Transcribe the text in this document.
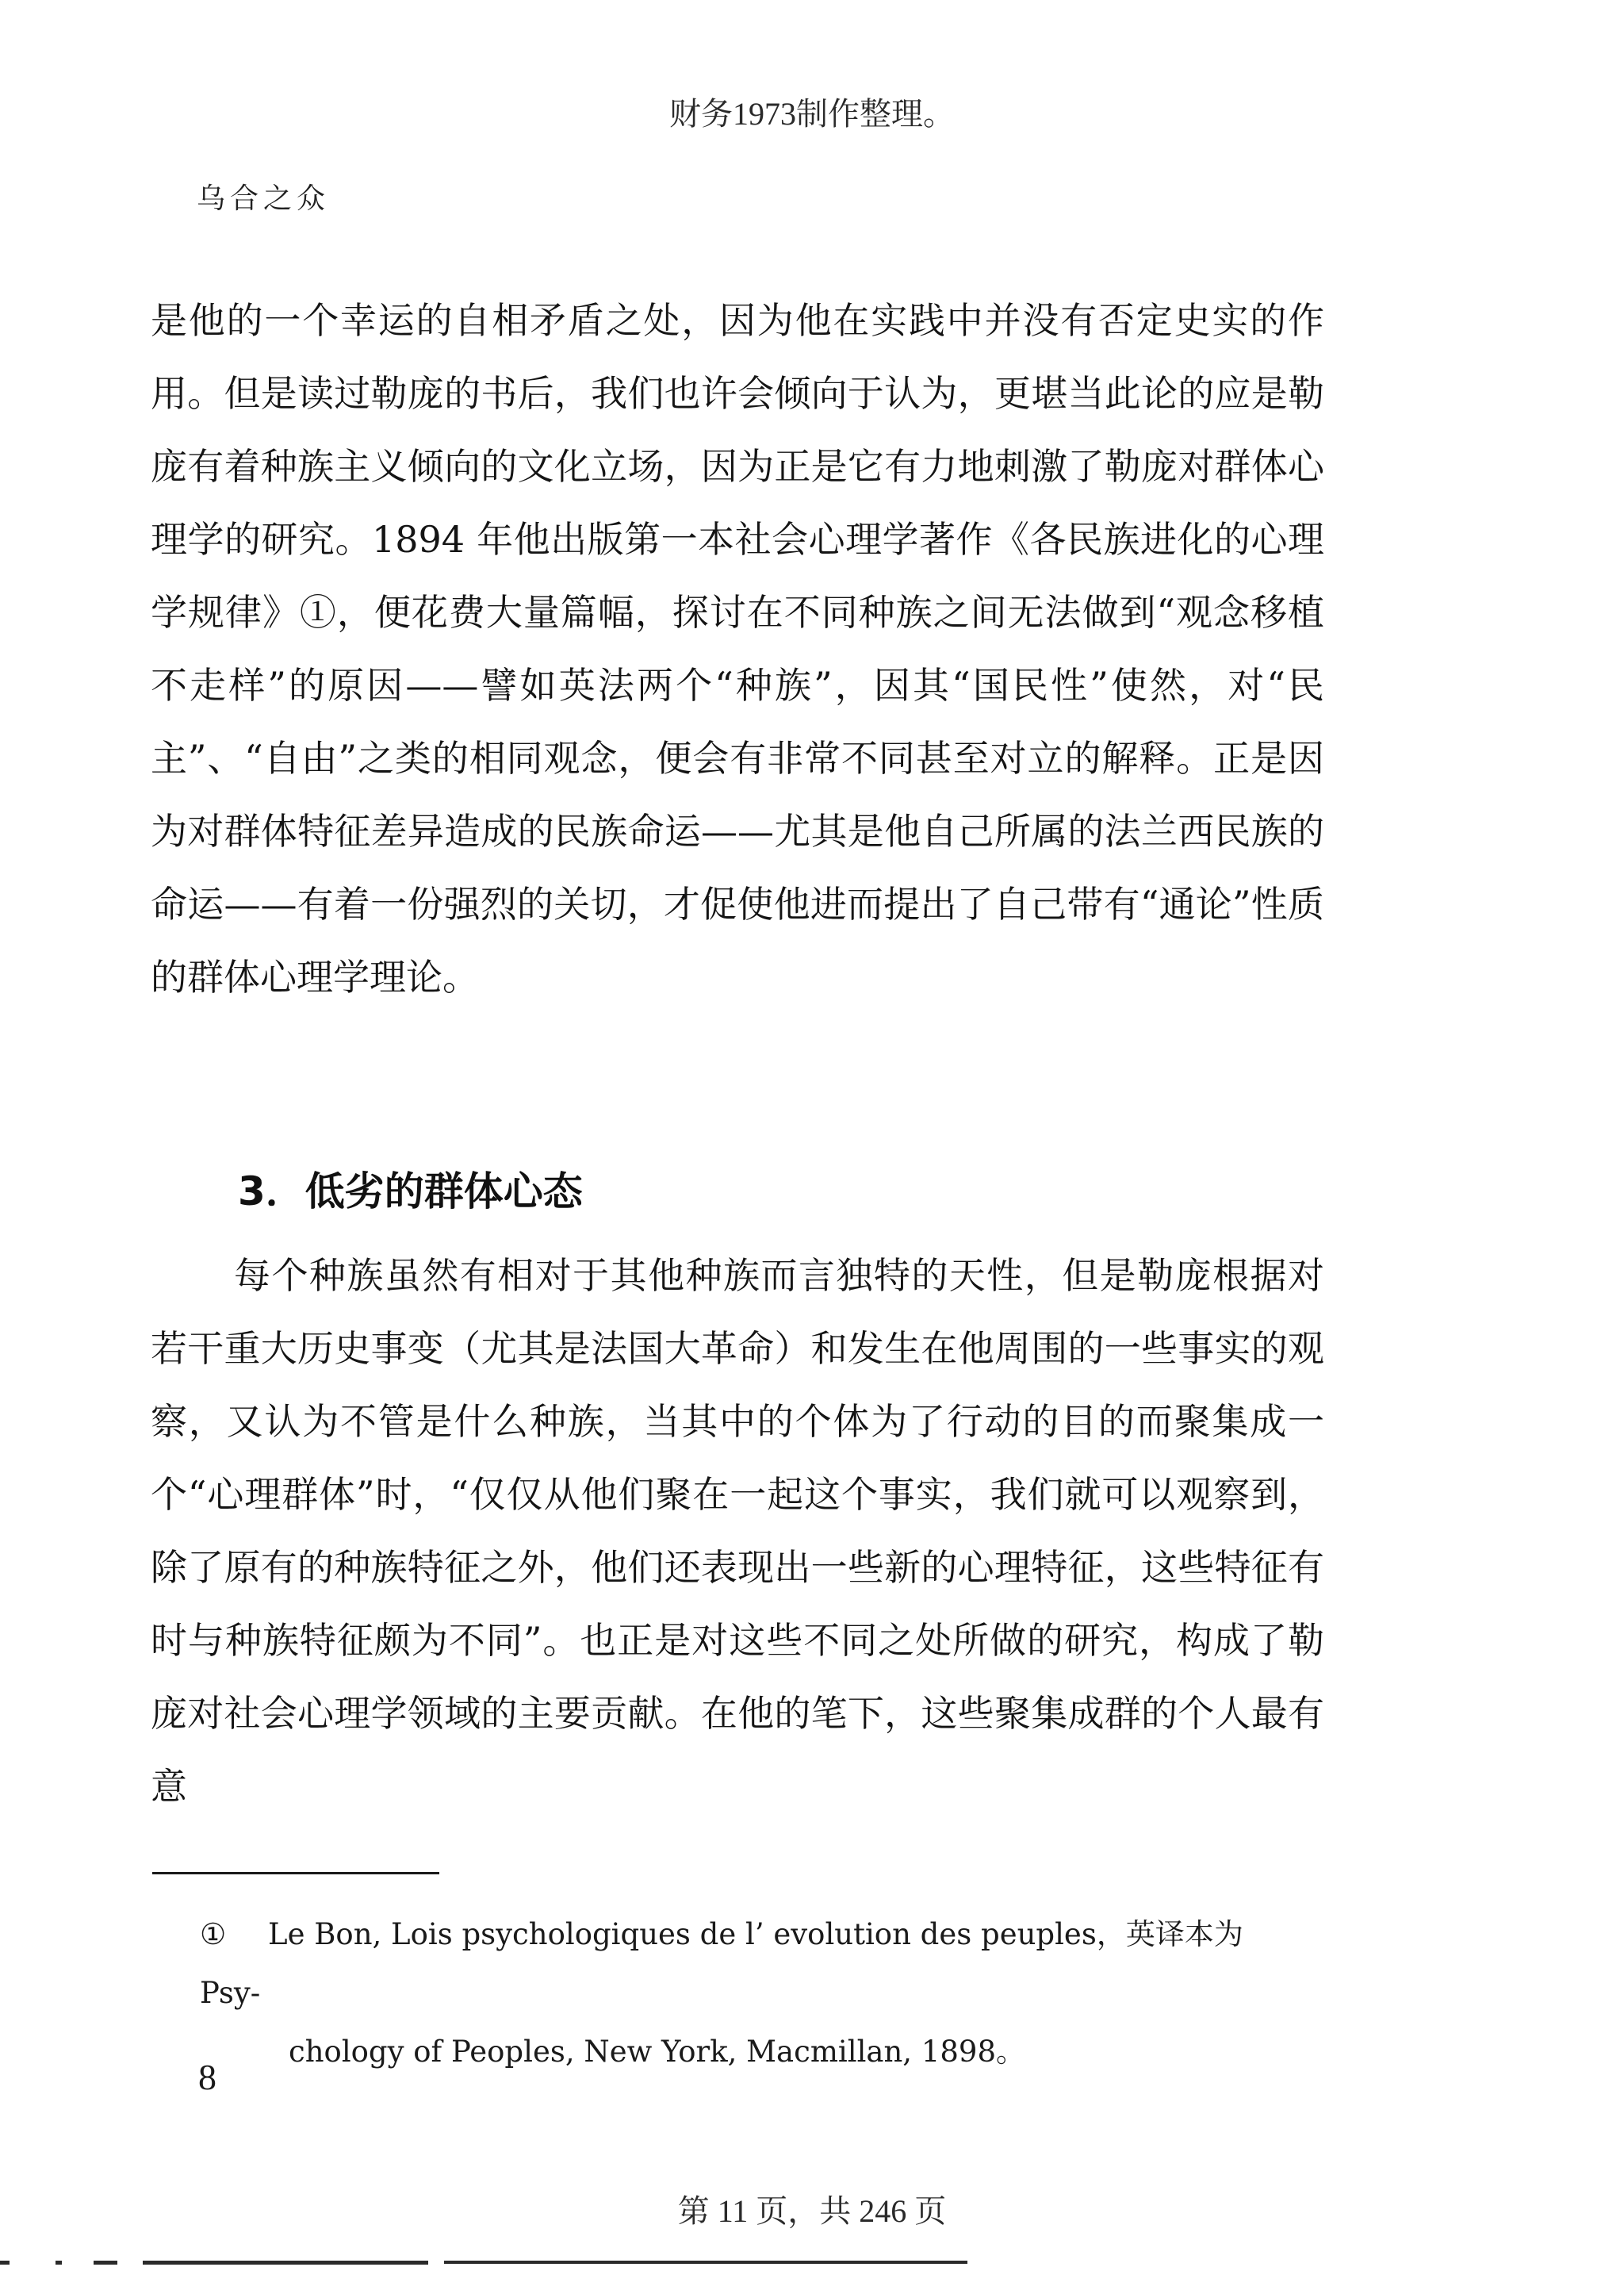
财务1973制作整理。
乌合之众

是他的一个幸运的自相矛盾之处，因为他在实践中并没有否定史实的作用。但是读过勒庞的书后，我们也许会倾向于认为，更堪当此论的应是勒庞有着种族主义倾向的文化立场，因为正是它有力地刺激了勒庞对群体心理学的研究。1894 年他出版第一本社会心理学著作《各民族进化的心理学规律》①，便花费大量篇幅，探讨在不同种族之间无法做到“观念移植不走样”的原因——譬如英法两个“种族”，因其“国民性”使然，对“民主”、“自由”之类的相同观念，便会有非常不同甚至对立的解释。正是因为对群体特征差异造成的民族命运——尤其是他自己所属的法兰西民族的命运——有着一份强烈的关切，才促使他进而提出了自己带有“通论”性质的群体心理学理论。

3．低劣的群体心态

每个种族虽然有相对于其他种族而言独特的天性，但是勒庞根据对若干重大历史事变（尤其是法国大革命）和发生在他周围的一些事实的观察，又认为不管是什么种族，当其中的个体为了行动的目的而聚集成一个“心理群体”时，“仅仅从他们聚在一起这个事实，我们就可以观察到，除了原有的种族特征之外，他们还表现出一些新的心理特征，这些特征有时与种族特征颇为不同”。也正是对这些不同之处所做的研究，构成了勒庞对社会心理学领域的主要贡献。在他的笔下，这些聚集成群的个人最有意

① Le Bon, Lois psychologiques de l’ evolution des peuples，英译本为 Psy-
chology of Peoples, New York, Macmillan, 1898。
8
第 11 页，共 246 页
